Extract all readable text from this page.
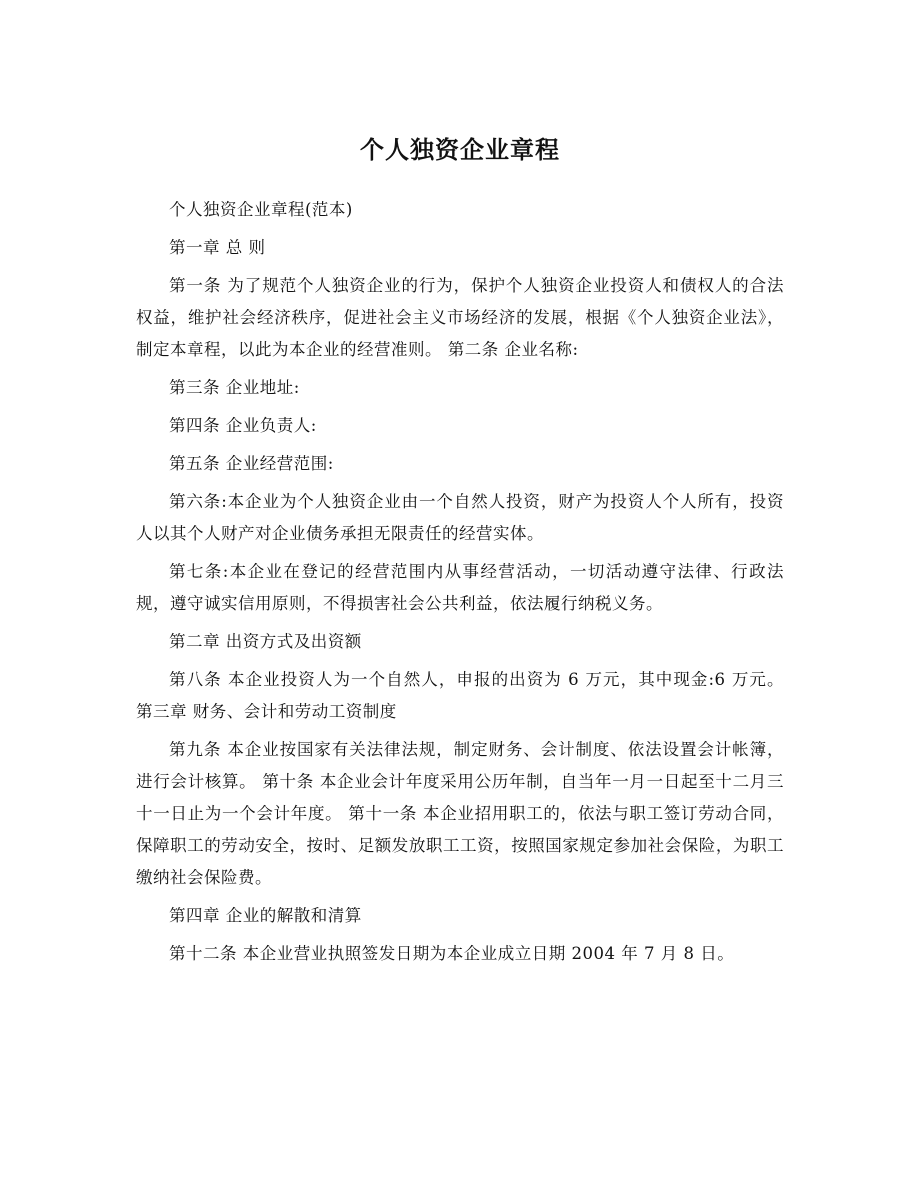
个人独资企业章程

个人独资企业章程(范本)

第一章 总 则

第一条 为了规范个人独资企业的行为，保护个人独资企业投资人和债权人的合法权益，维护社会经济秩序，促进社会主义市场经济的发展，根据《个人独资企业法》，制定本章程，以此为本企业的经营准则。 第二条 企业名称:

第三条 企业地址:

第四条 企业负责人:

第五条 企业经营范围:

第六条:本企业为个人独资企业由一个自然人投资，财产为投资人个人所有，投资人以其个人财产对企业债务承担无限责任的经营实体。

第七条:本企业在登记的经营范围内从事经营活动，一切活动遵守法律、行政法规，遵守诚实信用原则，不得损害社会公共利益，依法履行纳税义务。

第二章 出资方式及出资额

第八条 本企业投资人为一个自然人，申报的出资为 6 万元，其中现金:6 万元。 第三章 财务、会计和劳动工资制度

第九条 本企业按国家有关法律法规，制定财务、会计制度、依法设置会计帐簿，进行会计核算。 第十条 本企业会计年度采用公历年制，自当年一月一日起至十二月三十一日止为一个会计年度。 第十一条 本企业招用职工的，依法与职工签订劳动合同，保障职工的劳动安全，按时、足额发放职工工资，按照国家规定参加社会保险，为职工缴纳社会保险费。

第四章 企业的解散和清算

第十二条 本企业营业执照签发日期为本企业成立日期 2004 年 7 月 8 日。
